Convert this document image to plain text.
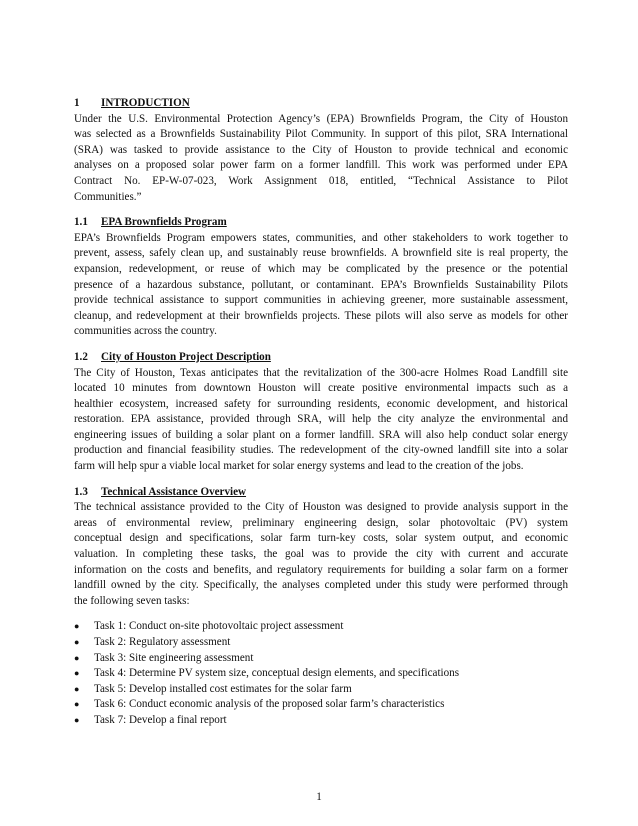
1 INTRODUCTION

Under the U.S. Environmental Protection Agency’s (EPA) Brownfields Program, the City of Houston
was selected as a Brownfields Sustainability Pilot Community. In support of this pilot, SRA International
(SRA) was tasked to provide assistance to the City of Houston to provide technical and economic
analyses on a proposed solar power farm on a former landfill. This work was performed under EPA
Contract No. EP-W-07-023, Work Assignment 018, entitled, “Technical Assistance to Pilot
Communities.”

1.1 EPA Brownfields Program

EPA’s Brownfields Program empowers states, communities, and other stakeholders to work together to
prevent, assess, safely clean up, and sustainably reuse brownfields. A brownfield site is real property, the
expansion, redevelopment, or reuse of which may be complicated by the presence or the potential
presence of a hazardous substance, pollutant, or contaminant. EPA’s Brownfields Sustainability Pilots
provide technical assistance to support communities in achieving greener, more sustainable assessment,
cleanup, and redevelopment at their brownfields projects. These pilots will also serve as models for other
communities across the country.

1.2 City of Houston Project Description

The City of Houston, Texas anticipates that the revitalization of the 300-acre Holmes Road Landfill site
located 10 minutes from downtown Houston will create positive environmental impacts such as a
healthier ecosystem, increased safety for surrounding residents, economic development, and historical
restoration. EPA assistance, provided through SRA, will help the city analyze the environmental and
engineering issues of building a solar plant on a former landfill. SRA will also help conduct solar energy
production and financial feasibility studies. The redevelopment of the city-owned landfill site into a solar
farm will help spur a viable local market for solar energy systems and lead to the creation of the jobs.

1.3 Technical Assistance Overview

The technical assistance provided to the City of Houston was designed to provide analysis support in the
areas of environmental review, preliminary engineering design, solar photovoltaic (PV) system
conceptual design and specifications, solar farm turn-key costs, solar system output, and economic
valuation. In completing these tasks, the goal was to provide the city with current and accurate
information on the costs and benefits, and regulatory requirements for building a solar farm on a former
landfill owned by the city. Specifically, the analyses completed under this study were performed through
the following seven tasks:

●	Task 1: Conduct on-site photovoltaic project assessment
●	Task 2: Regulatory assessment
●	Task 3: Site engineering assessment
●	Task 4: Determine PV system size, conceptual design elements, and specifications
●	Task 5: Develop installed cost estimates for the solar farm
●	Task 6: Conduct economic analysis of the proposed solar farm’s characteristics
●	Task 7: Develop a final report
1
